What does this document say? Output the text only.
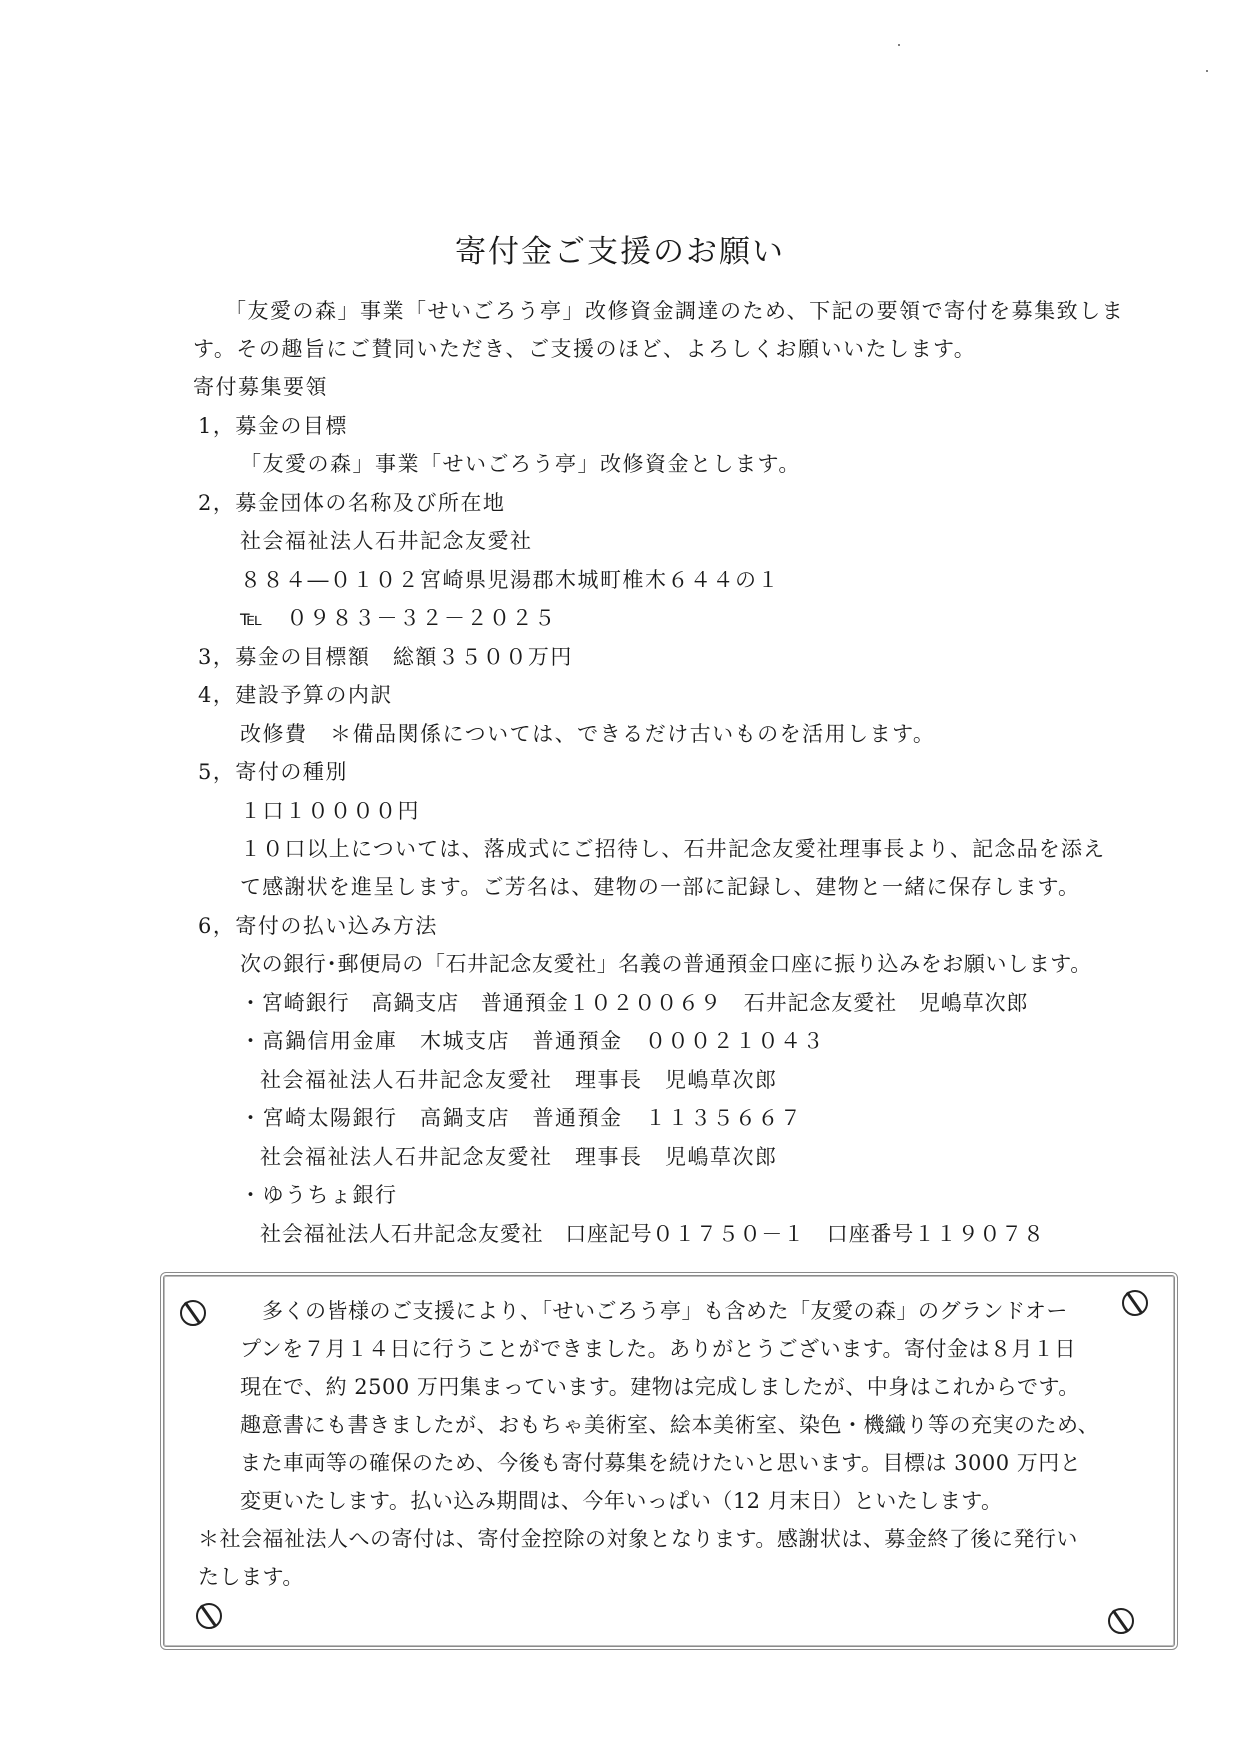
寄付金ご支援のお願い
「友愛の森」事業「せいごろう亭」改修資金調達のため、下記の要領で寄付を募集致しま
す。その趣旨にご賛同いただき、ご支援のほど、よろしくお願いいたします。
寄付募集要領
1，募金の目標
「友愛の森」事業「せいごろう亭」改修資金とします。
2，募金団体の名称及び所在地
社会福祉法人石井記念友愛社
８８４―０１０２宮崎県児湯郡木城町椎木６４４の１
℡　０９８３－３２－２０２５
3，募金の目標額　総額３５００万円
4，建設予算の内訳
改修費　＊備品関係については、できるだけ古いものを活用します。
5，寄付の種別
１口１００００円
１０口以上については、落成式にご招待し、石井記念友愛社理事長より、記念品を添え
て感謝状を進呈します。ご芳名は、建物の一部に記録し、建物と一緒に保存します。
6，寄付の払い込み方法
次の銀行･郵便局の「石井記念友愛社」名義の普通預金口座に振り込みをお願いします。
・宮崎銀行　高鍋支店　普通預金１０２００６９　石井記念友愛社　児嶋草次郎
・高鍋信用金庫　木城支店　普通預金　０００２１０４３
社会福祉法人石井記念友愛社　理事長　児嶋草次郎
・宮崎太陽銀行　高鍋支店　普通預金　１１３５６６７
社会福祉法人石井記念友愛社　理事長　児嶋草次郎
・ゆうちょ銀行
社会福祉法人石井記念友愛社　口座記号０１７５０－１　口座番号１１９０７８
多くの皆様のご支援により、「せいごろう亭」も含めた「友愛の森」のグランドオー
プンを７月１４日に行うことができました。ありがとうございます。寄付金は８月１日
現在で、約 2500 万円集まっています。建物は完成しましたが、中身はこれからです。
趣意書にも書きましたが、おもちゃ美術室、絵本美術室、染色・機織り等の充実のため、
また車両等の確保のため、今後も寄付募集を続けたいと思います。目標は 3000 万円と
変更いたします。払い込み期間は、今年いっぱい（12 月末日）といたします。
＊社会福祉法人への寄付は、寄付金控除の対象となります。感謝状は、募金終了後に発行い
たします。
